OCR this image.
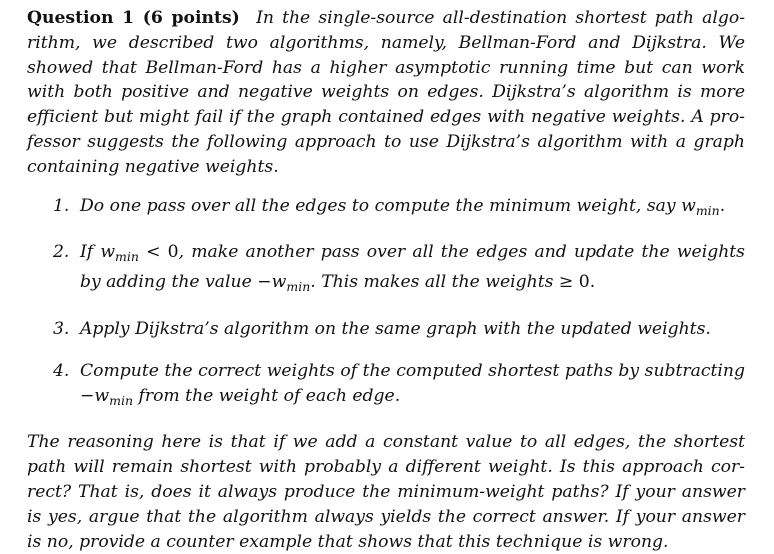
Question 1 (6 points) In the single-source all-destination shortest path algo-
rithm, we described two algorithms, namely, Bellman-Ford and Dijkstra. We
showed that Bellman-Ford has a higher asymptotic running time but can work
with both positive and negative weights on edges. Dijkstra’s algorithm is more
efficient but might fail if the graph contained edges with negative weights. A pro-
fessor suggests the following approach to use Dijkstra’s algorithm with a graph
containing negative weights.
1. Do one pass over all the edges to compute the minimum weight, say $w_{min}$.
2. If $w_{min} < 0$, make another pass over all the edges and update the weights
by adding the value $-w_{min}$. This makes all the weights ≥ 0.
3. Apply Dijkstra’s algorithm on the same graph with the updated weights.
4. Compute the correct weights of the computed shortest paths by subtracting
$-w_{min}$ from the weight of each edge.
The reasoning here is that if we add a constant value to all edges, the shortest
path will remain shortest with probably a different weight. Is this approach cor-
rect? That is, does it always produce the minimum-weight paths? If your answer
is yes, argue that the algorithm always yields the correct answer. If your answer
is no, provide a counter example that shows that this technique is wrong.
